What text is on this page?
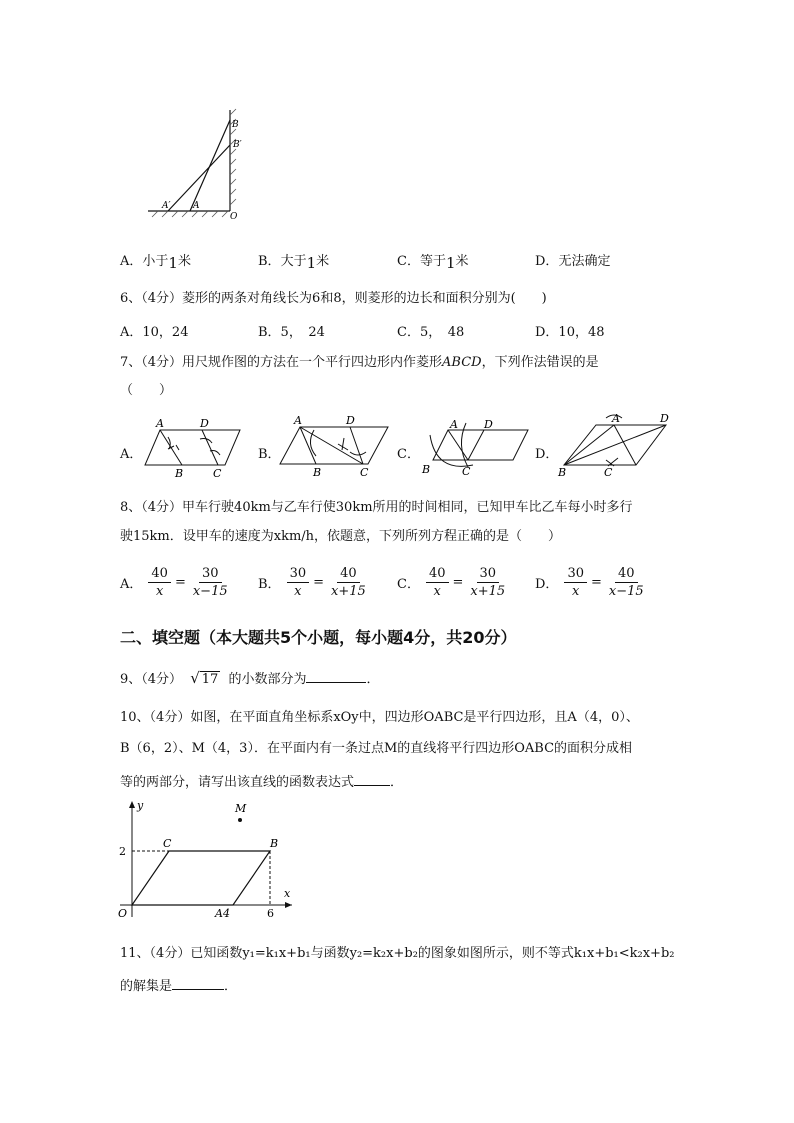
B
B′
A′ A
O
A．小于1米	B．大于1米	C．等于1米	D．无法确定
6、（4分）菱形的两条对角线长为6和8，则菱形的边长和面积分别为(　　)
A．10，24	B．5，　24	C．5，　48	D．10，48
7、（4分）用尺规作图的方法在一个平行四边形内作菱形ABCD，下列作法错误的是
（　　）
A．	B．	C．	D．
A	D
B	C
A	D
B	C
A D
B	C
A	D
B	C
8、（4分）甲车行驶40km与乙车行使30km所用的时间相同，已知甲车比乙车每小时多行
驶15km．设甲车的速度为xkm/h，依题意，下列所列方程正确的是（　　）
A． $\frac{40}{x} = \frac{30}{x-15}$ B． $\frac{30}{x} = \frac{40}{x+15}$ C． $\frac{40}{x} = \frac{30}{x+15}$ D． $\frac{30}{x} = \frac{40}{x-15}$
二、填空题（本大题共5个小题，每小题4分，共20分）
9、（4分） √ 17 的小数部分为	．
10、（4分）如图，在平面直角坐标系xOy中，四边形OABC是平行四边形，且A（4，0）、
B（6，2）、M（4，3）．在平面内有一条过点M的直线将平行四边形OABC的面积分成相
等的两部分，请写出该直线的函数表达式	．
y
x
M
C	B
2
O	A4	6
11、（4分）已知函数y₁=k₁x+b₁与函数y₂=k₂x+b₂的图象如图所示，则不等式k₁x+b₁<k₂x+b₂
的解集是	．
